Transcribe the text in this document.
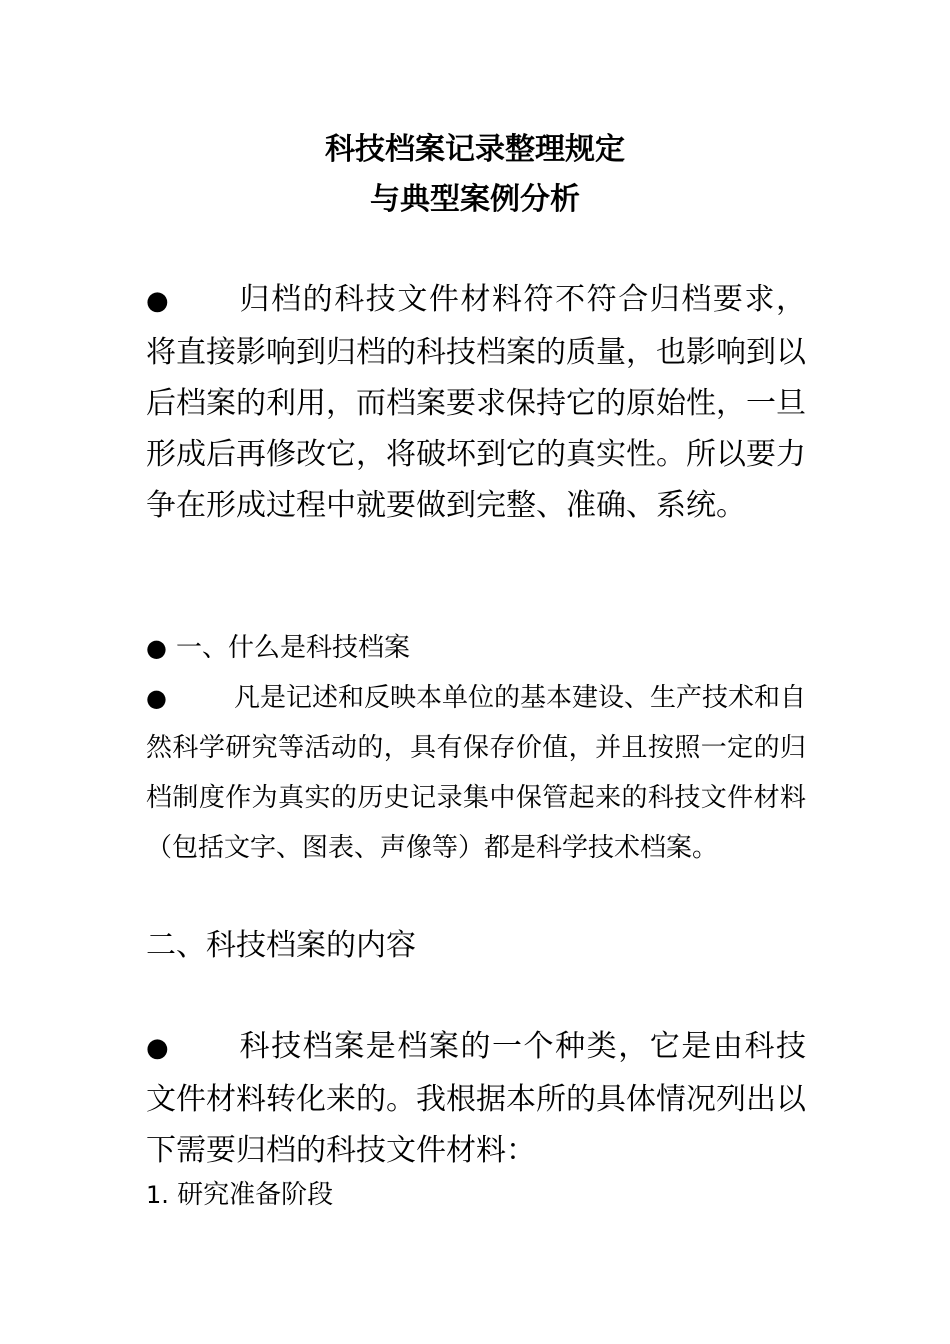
科技档案记录整理规定
与典型案例分析
● 归档的科技文件材料符不符合归档要求，将直接影响到归档的科技档案的质量，也影响到以后档案的利用，而档案要求保持它的原始性，一旦形成后再修改它，将破坏到它的真实性。所以要力争在形成过程中就要做到完整、准确、系统。
● 一、什么是科技档案
●	凡是记述和反映本单位的基本建设、生产技术和自然科学研究等活动的，具有保存价值，并且按照一定的归档制度作为真实的历史记录集中保管起来的科技文件材料（包括文字、图表、声像等）都是科学技术档案。
二、科技档案的内容
● 科技档案是档案的一个种类，它是由科技文件材料转化来的。我根据本所的具体情况列出以下需要归档的科技文件材料：
1. 研究准备阶段
